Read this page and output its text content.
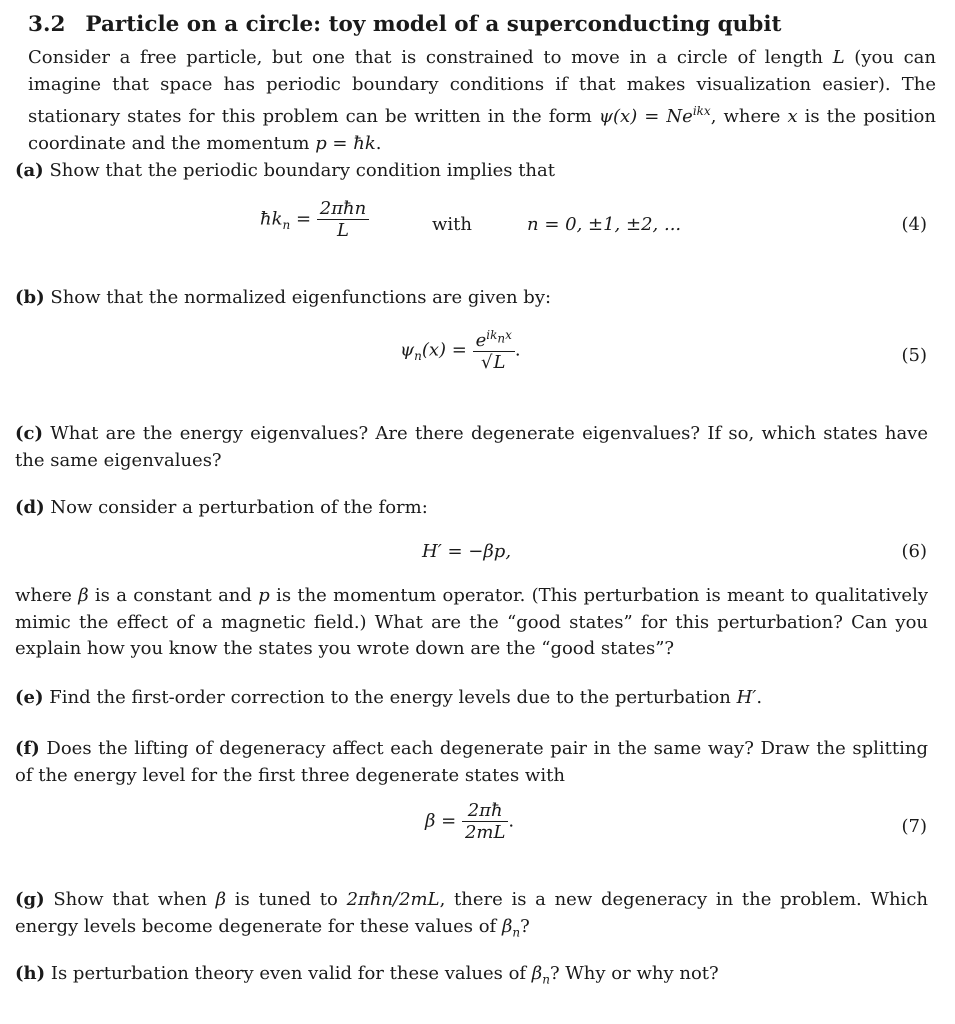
3.2 Particle on a circle: toy model of a superconducting qubit
Consider a free particle, but one that is constrained to move in a circle of length L (you can imagine that space has periodic boundary conditions if that makes visualization easier). The stationary states for this problem can be written in the form $\psi(x) = Ne^{ikx}$, where x is the position coordinate and the momentum p = ħk.
(a) Show that the periodic boundary condition implies that
$ħk_n = \frac{\text{2πħn}}{L}$	with	n = 0, ±1, ±2, ...	(4)
(b) Show that the normalized eigenfunctions are given by:
$\psi_n(x) = \frac{e^{ik_nx}}{√L}$ .	(5)
(c) What are the energy eigenvalues? Are there degenerate eigenvalues? If so, which states have the same eigenvalues?
(d) Now consider a perturbation of the form:
H′ = −βp,	(6)
where β is a constant and p is the momentum operator. (This perturbation is meant to qualitatively mimic the effect of a magnetic field.) What are the “good states” for this perturbation? Can you explain how you know the states you wrote down are the “good states”?
(e) Find the first-order correction to the energy levels due to the perturbation H′.
(f) Does the lifting of degeneracy affect each degenerate pair in the same way? Draw the splitting of the energy level for the first three degenerate states with
$\beta = \frac{2\pi ħ}{2mL}$ .	(7)
(g) Show that when β is tuned to 2πħn/2mL, there is a new degeneracy in the problem. Which energy levels become degenerate for these values of $\beta_n$?
(h) Is perturbation theory even valid for these values of $\beta_n$? Why or why not?
